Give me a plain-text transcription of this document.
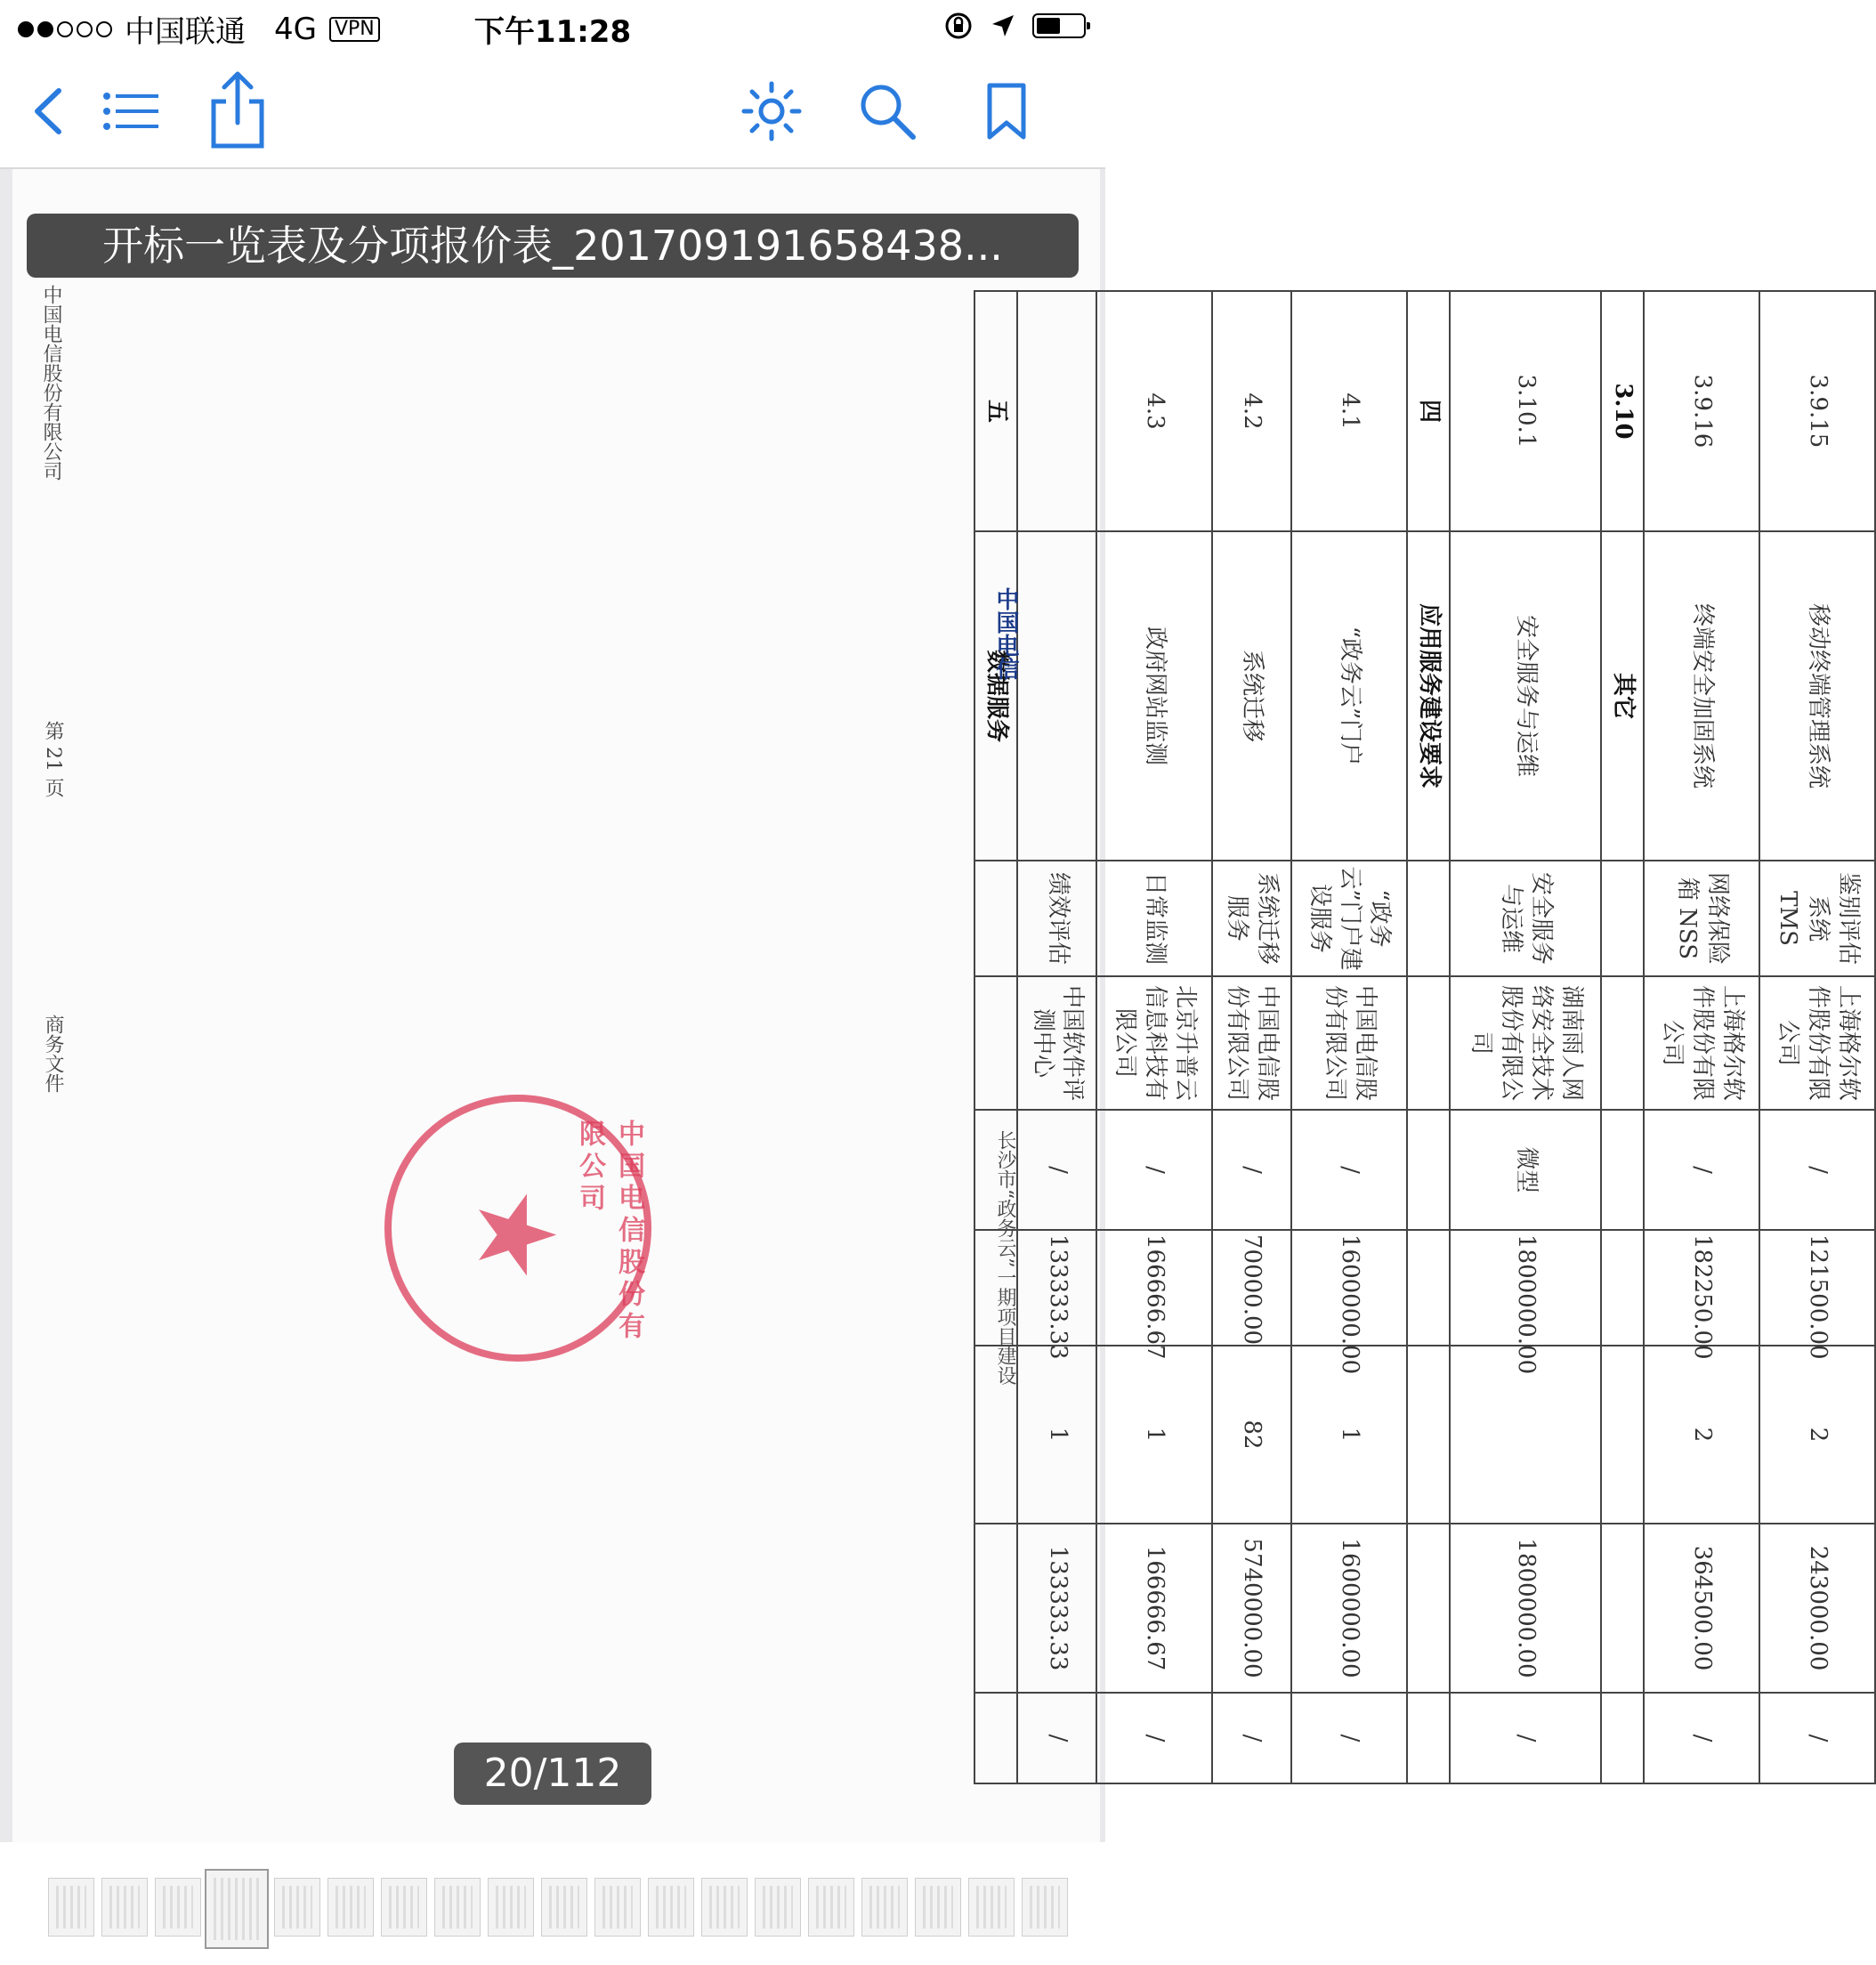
中国联通 4G VPN	下午11:28
3.9.15	移动终端管理系统	鉴别评估系统 TMS	上海格尔软件股份有限公司	/	121500.00	2	243000.00	/
3.9.16	终端安全加固系统	网络保险箱 NSS	上海格尔软件股份有限公司	/	182250.00	2	364500.00	/
3.10	其它							
3.10.1	安全服务与运维	安全服务与运维	湖南雨人网络安全技术股份有限公司	微型	1800000.00		1800000.00	/
四	应用服务建设要求							
4.1	“政务云”门户	“政务云”门户建设服务	中国电信股份有限公司	/	1600000.00	1	1600000.00	/
4.2	系统迁移	系统迁移服务	中国电信股份有限公司	/	70000.00	82	5740000.00	/
4.3	政府网站监测	日常监测	北京升普云信息科技有限公司	/	166666.67	1	166666.67	/
		绩效评估	中国软件评测中心	/	133333.33	1	133333.33	/
五	数据服务							
中国电信
长沙市“政务云”一期项目建设
中国电信股份有限公司
第 21 页
商务文件
★	中国电信股份有限公司
开标一览表及分项报价表_201709191658438...
20/112
